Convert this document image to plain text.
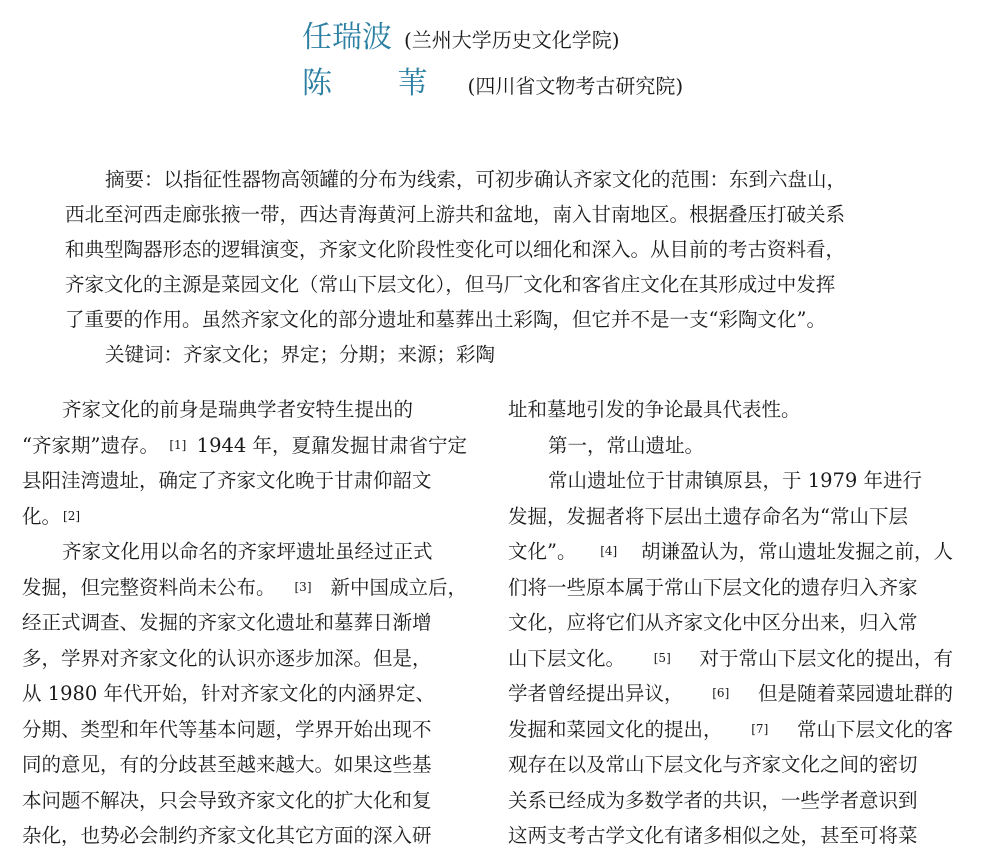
任瑞波 (兰州大学历史文化学院)
陈 苇 (四川省文物考古研究院)
摘要：以指征性器物高领罐的分布为线索，可初步确认齐家文化的范围：东到六盘山，
西北至河西走廊张掖一带，西达青海黄河上游共和盆地，南入甘南地区。根据叠压打破关系
和典型陶器形态的逻辑演变，齐家文化阶段性变化可以细化和深入。从目前的考古资料看，
齐家文化的主源是菜园文化（常山下层文化），但马厂文化和客省庄文化在其形成过中发挥
了重要的作用。虽然齐家文化的部分遗址和墓葬出土彩陶，但它并不是一支“彩陶文化”。
关键词：齐家文化；界定；分期；来源；彩陶
齐家文化的前身是瑞典学者安特生提出的
“齐家期”遗存。 [1] 1944 年，夏鼐发掘甘肃省宁定
县阳洼湾遗址，确定了齐家文化晚于甘肃仰韶文
化。 [2]
齐家文化用以命名的齐家坪遗址虽经过正式
发掘，但完整资料尚未公布。 [3] 新中国成立后，
经正式调查、发掘的齐家文化遗址和墓葬日渐增
多，学界对齐家文化的认识亦逐步加深。但是，
从 1980 年代开始，针对齐家文化的内涵界定、
分期、类型和年代等基本问题，学界开始出现不
同的意见，有的分歧甚至越来越大。如果这些基
本问题不解决，只会导致齐家文化的扩大化和复
杂化，也势必会制约齐家文化其它方面的深入研
址和墓地引发的争论最具代表性。
第一，常山遗址。
常山遗址位于甘肃镇原县，于 1979 年进行
发掘，发掘者将下层出土遗存命名为“常山下层
文化”。 [4] 胡谦盈认为，常山遗址发掘之前，人
们将一些原本属于常山下层文化的遗存归入齐家
文化，应将它们从齐家文化中区分出来，归入常
山下层文化。 [5] 对于常山下层文化的提出，有
学者曾经提出异议， [6] 但是随着菜园遗址群的
发掘和菜园文化的提出， [7] 常山下层文化的客
观存在以及常山下层文化与齐家文化之间的密切
关系已经成为多数学者的共识，一些学者意识到
这两支考古学文化有诸多相似之处，甚至可将菜
